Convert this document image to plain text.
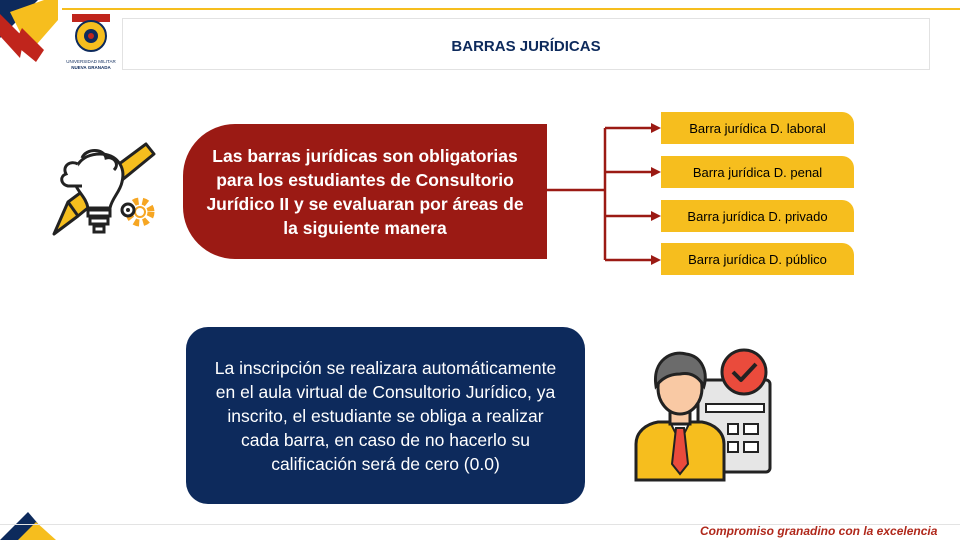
UNIVERSIDAD MILITAR
NUEVA GRANADA
BARRAS JURÍDICAS
Las barras jurídicas son obligatorias para los estudiantes de Consultorio Jurídico II y se evaluaran por áreas de la siguiente manera
Barra jurídica D. laboral
Barra jurídica D. penal
Barra jurídica D. privado
Barra jurídica D. público
La inscripción se realizara automáticamente en el aula virtual de Consultorio Jurídico, ya inscrito, el estudiante se obliga a realizar cada barra, en caso de no hacerlo su calificación será de cero (0.0)
Compromiso granadino con la excelencia
